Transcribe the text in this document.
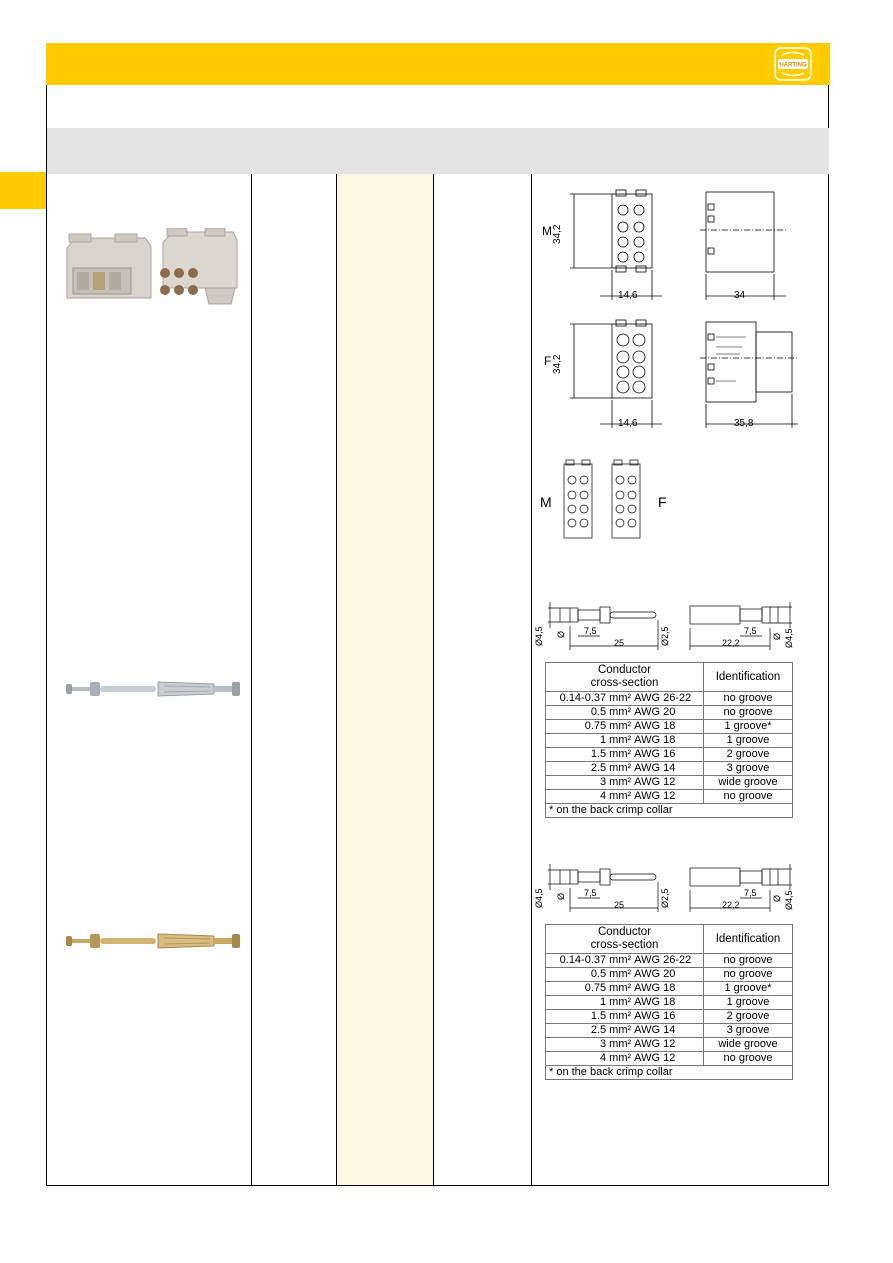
HARTING
M
F
34,2
34,2
14,6
14,6
34
35,8
M	F
Ø4,5 Ø 7,5
25	Ø2,5	22,2
7,5
Ø Ø4,5
Conductor
cross-section		Identification
0.14-0.37 mm²	AWG 26-22	no groove
0.5 mm²	AWG 20	no groove
0.75 mm²	AWG 18	1 groove*
1 mm²	AWG 18	1 groove
1.5 mm²	AWG 16	2 groove
2.5 mm²	AWG 14	3 groove
3 mm²	AWG 12	wide groove
4 mm²	AWG 12	no groove
* on the back crimp collar		
Ø4,5 Ø 7,5
25	Ø2,5	22,2
7,5
Ø Ø4,5
Conductor
cross-section		Identification
0.14-0.37 mm²	AWG 26-22	no groove
0.5 mm²	AWG 20	no groove
0.75 mm²	AWG 18	1 groove*
1 mm²	AWG 18	1 groove
1.5 mm²	AWG 16	2 groove
2.5 mm²	AWG 14	3 groove
3 mm²	AWG 12	wide groove
4 mm²	AWG 12	no groove
* on the back crimp collar		
